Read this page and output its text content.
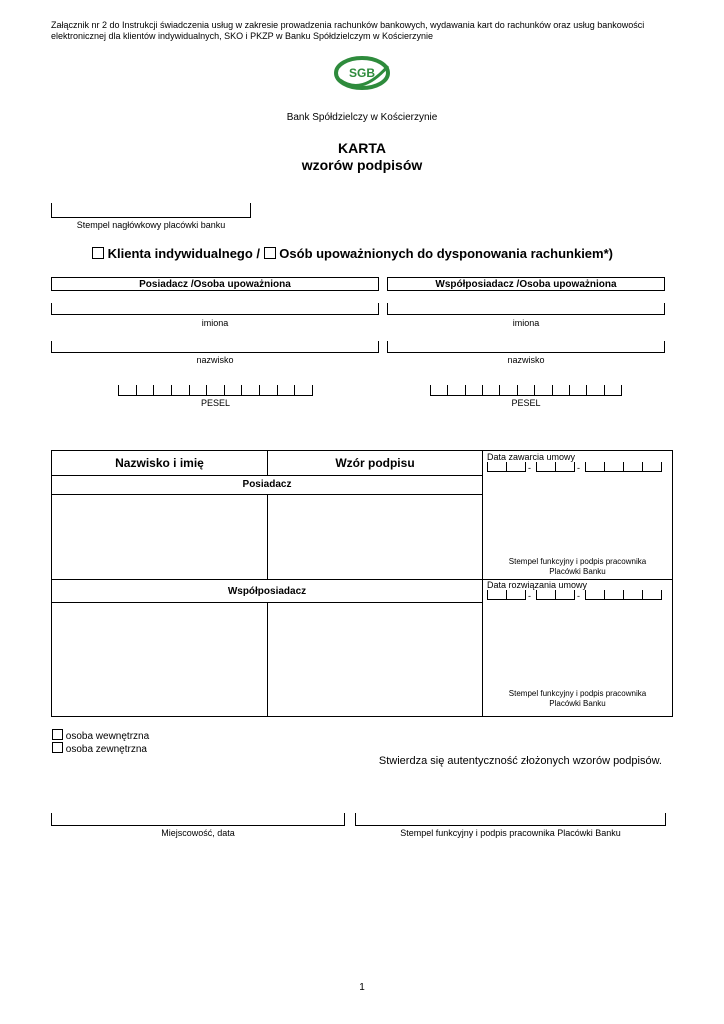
Załącznik nr 2 do Instrukcji świadczenia usług w zakresie prowadzenia rachunków bankowych, wydawania kart do rachunków oraz usług bankowości elektronicznej dla klientów indywidualnych, SKO i PKZP w Banku Spółdzielczym w Kościerzynie
SGB
Bank Spółdzielczy w Kościerzynie
KARTA
wzorów podpisów
Stempel nagłówkowy placówki banku
Klienta indywidualnego / Osób upoważnionych do dysponowania rachunkiem*)
Posiadacz /Osoba upoważniona	Współposiadacz /Osoba upoważniona
imiona
nazwisko
PESEL
imiona
nazwisko
PESEL
Nazwisko i imię	Wzór podpisu
Posiadacz
Współposiadacz
Data zawarcia umowy
-	-
Stempel funkcyjny i podpis pracownika
Placówki Banku
Data rozwiązania umowy
-	-
Stempel funkcyjny i podpis pracownika
Placówki Banku
osoba wewnętrzna
osoba zewnętrzna
Stwierdza się autentyczność złożonych wzorów podpisów.
Miejscowość, data	Stempel funkcyjny i podpis pracownika Placówki Banku
1
